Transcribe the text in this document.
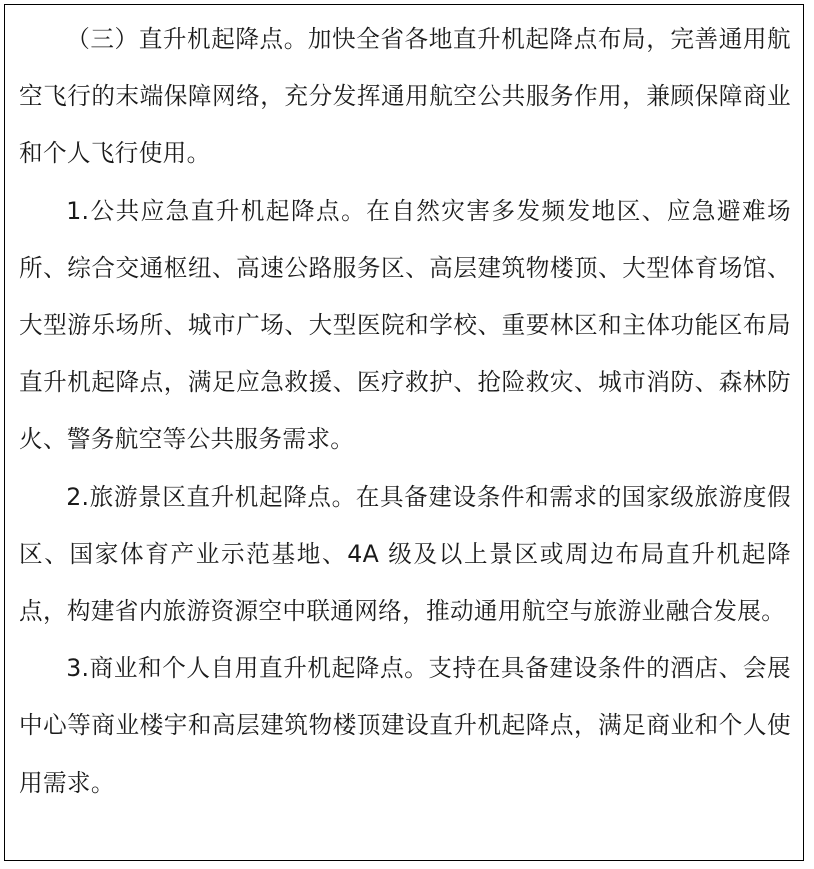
（三）直升机起降点。加快全省各地直升机起降点布局，完善通用航空飞行的末端保障网络，充分发挥通用航空公共服务作用，兼顾保障商业和个人飞行使用。

1.公共应急直升机起降点。在自然灾害多发频发地区、应急避难场所、综合交通枢纽、高速公路服务区、高层建筑物楼顶、大型体育场馆、大型游乐场所、城市广场、大型医院和学校、重要林区和主体功能区布局直升机起降点，满足应急救援、医疗救护、抢险救灾、城市消防、森林防火、警务航空等公共服务需求。

2.旅游景区直升机起降点。在具备建设条件和需求的国家级旅游度假区、国家体育产业示范基地、4A 级及以上景区或周边布局直升机起降点，构建省内旅游资源空中联通网络，推动通用航空与旅游业融合发展。

3.商业和个人自用直升机起降点。支持在具备建设条件的酒店、会展中心等商业楼宇和高层建筑物楼顶建设直升机起降点，满足商业和个人使用需求。
